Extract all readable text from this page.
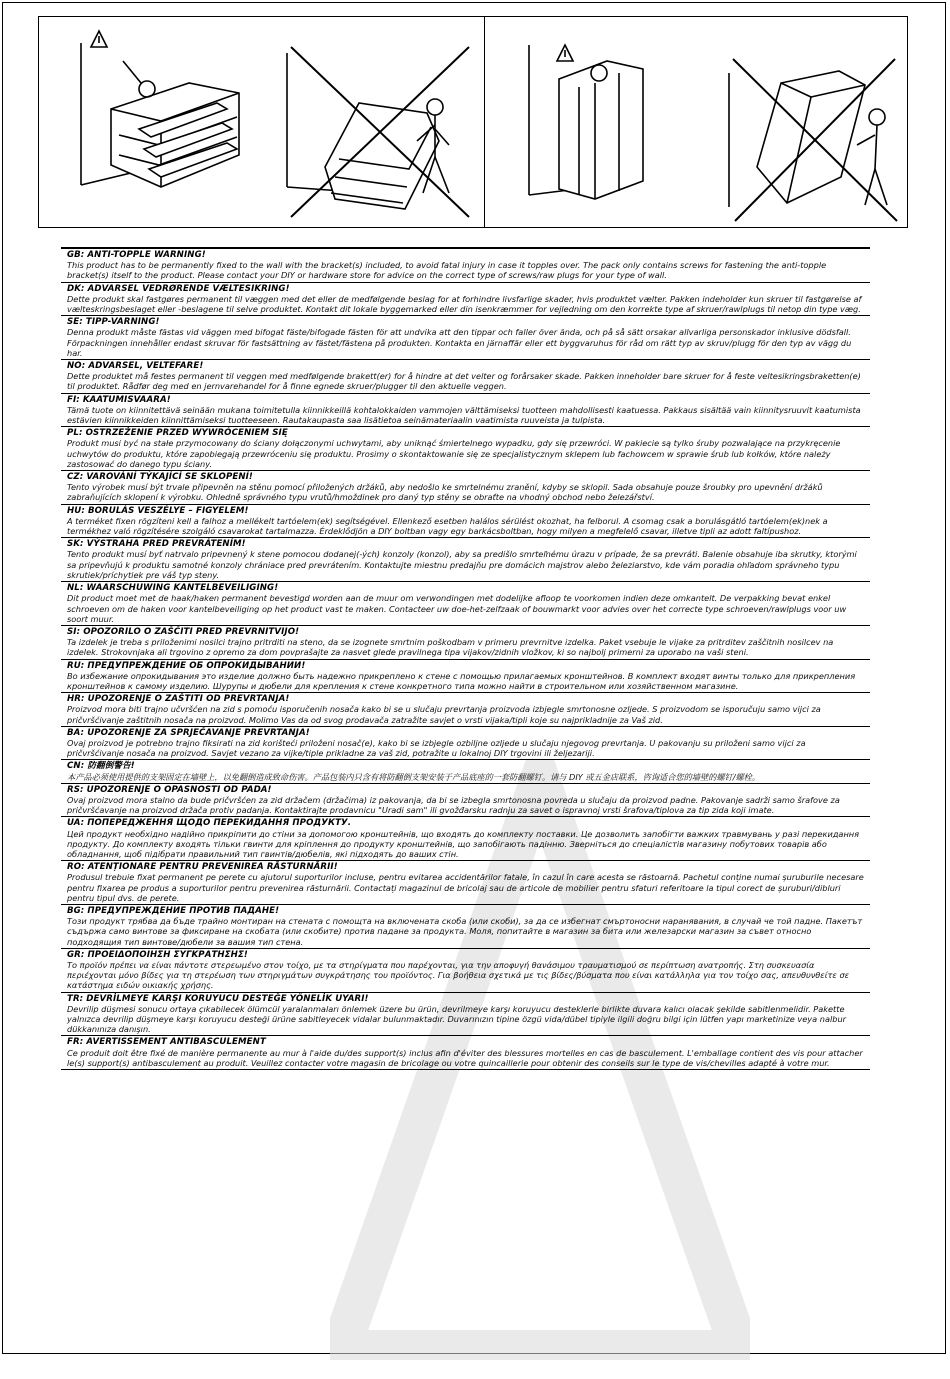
GB: ANTI-TOPPLE WARNING!
This product has to be permanently fixed to the wall with the bracket(s) included, to avoid fatal injury in case it topples over. The pack only contains screws for fastening the anti-topple bracket(s) itself to the product. Please contact your DIY or hardware store for advice on the correct type of screws/raw plugs for your type of wall.
DK: ADVARSEL VEDRØRENDE VÆLTESIKRING!
Dette produkt skal fastgøres permanent til væggen med det eller de medfølgende beslag for at forhindre livsfarlige skader, hvis produktet vælter. Pakken indeholder kun skruer til fastgørelse af vælteskringsbeslaget eller -beslagene til selve produktet. Kontakt dit lokale byggemarked eller din isenkræmmer for vejledning om den korrekte type af skruer/rawlplugs til netop din type væg.
SE: TIPP-VARNING!
Denna produkt måste fästas vid väggen med bifogat fäste/bifogade fästen för att undvika att den tippar och faller över ända, och på så sätt orsakar allvarliga personskador inklusive dödsfall. Förpackningen innehåller endast skruvar för fastsättning av fästet/fästena på produkten. Kontakta en järnaffär eller ett byggvaruhus för råd om rätt typ av skruv/plugg för den typ av vägg du har.
NO: ADVARSEL, VELTEFARE!
Dette produktet må festes permanent til veggen med medfølgende brakett(er) for å hindre at det velter og forårsaker skade. Pakken inneholder bare skruer for å feste veltesikringsbraketten(e) til produktet. Rådfør deg med en jernvarehandel for å finne egnede skruer/plugger til den aktuelle veggen.
FI: KAATUMISVAARA!
Tämä tuote on kiinnitettävä seinään mukana toimitetulla kiinnikkeillä kohtalokkaiden vammojen välttämiseksi tuotteen mahdollisesti kaatuessa. Pakkaus sisältää vain kiinnitysruuvit kaatumista estävien kiinnikkeiden kiinnittämiseksi tuotteeseen. Rautakaupasta saa lisätietoa seinämateriaalin vaatimista ruuveista ja tulpista.
PL: OSTRZEŻENIE PRZED WYWRÓCENIEM SIĘ
Produkt musi być na stałe przymocowany do ściany dołączonymi uchwytami, aby uniknąć śmiertelnego wypadku, gdy się przewróci. W pakiecie są tylko śruby pozwalające na przykręcenie uchwytów do produktu, które zapobiegają przewróceniu się produktu. Prosimy o skontaktowanie się ze specjalistycznym sklepem lub fachowcem w sprawie śrub lub kołków, które należy zastosować do danego typu ściany.
CZ: VAROVÁNÍ TÝKAJÍCÍ SE SKLOPENÍ!
Tento výrobek musí být trvale připevněn na stěnu pomocí přiložených držáků, aby nedošlo ke smrtelnému zranění, kdyby se sklopil. Sada obsahuje pouze šroubky pro upevnění držáků zabraňujících sklopení k výrobku. Ohledně správného typu vrutů/hmoždinek pro daný typ stěny se obraťte na vhodný obchod nebo železářství.
HU: BORULÁS VESZÉLYE – FIGYELEM!
A terméket fixen rögzíteni kell a falhoz a mellékelt tartóelem(ek) segítségével. Ellenkező esetben halálos sérülést okozhat, ha felborul. A csomag csak a borulásgátló tartóelem(ek)nek a termékhez való rögzítésére szolgáló csavarokat tartalmazza. Érdeklődjön a DIY boltban vagy egy barkácsboltban, hogy milyen a megfelelő csavar, illetve tipli az adott faltípushoz.
SK: VÝSTRAHA PRED PREVRÁTENÍM!
Tento produkt musí byť natrvalo pripevnený k stene pomocou dodanej(-ých) konzoly (konzol), aby sa predišlo smrteľnému úrazu v prípade, že sa prevráti. Balenie obsahuje iba skrutky, ktorými sa pripevňujú k produktu samotné konzoly chrániace pred prevrátením. Kontaktujte miestnu predajňu pre domácich majstrov alebo železiarstvo, kde vám poradia ohľadom správneho typu skrutiek/príchytiek pre váš typ steny.
NL: WAARSCHUWING KANTELBEVEILIGING!
Dit product moet met de haak/haken permanent bevestigd worden aan de muur om verwondingen met dodelijke afloop te voorkomen indien deze omkantelt. De verpakking bevat enkel schroeven om de haken voor kantelbeveiliging op het product vast te maken. Contacteer uw doe-het-zelfzaak of bouwmarkt voor advies over het correcte type schroeven/rawlplugs voor uw soort muur.
SI: OPOZORILO O ZAŠČITI PRED PREVRNITVIJO!
Ta izdelek je treba s priloženimi nosilci trajno pritrditi na steno, da se izognete smrtnim poškodbam v primeru prevrnitve izdelka. Paket vsebuje le vijake za pritrditev zaščitnih nosilcev na izdelek. Strokovnjaka ali trgovino z opremo za dom povprašajte za nasvet glede pravilnega tipa vijakov/zidnih vložkov, ki so najbolj primerni za uporabo na vaši steni.
RU: ПРЕДУПРЕЖДЕНИЕ ОБ ОПРОКИДЫВАНИИ!
Во избежание опрокидывания это изделие должно быть надежно прикреплено к стене с помощью прилагаемых кронштейнов. В комплект входят винты только для прикрепления кронштейнов к самому изделию. Шурупы и дюбели для крепления к стене конкретного типа можно найти в строительном или хозяйственном магазине.
HR: UPOZORENJE O ZAŠTITI OD PREVRTANJA!
Proizvod mora biti trajno učvršćen na zid s pomoću isporučenih nosača kako bi se u slučaju prevrtanja proizvoda izbjegle smrtonosne ozljede. S proizvodom se isporučuju samo vijci za pričvršćivanje zaštitnih nosača na proizvod. Molimo Vas da od svog prodavača zatražite savjet o vrsti vijaka/tipli koje su najprikladnije za Vaš zid.
BA: UPOZORENJE ZA SPRJEČAVANJE PREVRTANJA!
Ovaj proizvod je potrebno trajno fiksirati na zid korišteći priloženi nosač(e), kako bi se izbjegle ozbiljne ozljede u slučaju njegovog prevrtanja. U pakovanju su priloženi samo vijci za pričvršćivanje nosača na proizvod. Savjet vezano za vijke/tiple prikladne za vaš zid, potražite u lokalnoj DIY trgovini ili željezariji.
CN: 防翻倒警告!
本产品必须使用提供的支架固定在墙壁上，以免翻倒造成致命伤害。产品包装内只含有将防翻倒支架安装于产品底座的一套防翻螺钉。请与 DIY 或五金店联系，咨询适合您的墙壁的螺钉/螺栓。
RS: UPOZORENJE O OPASNOSTI OD PADA!
Ovaj proizvod mora stalno da bude pričvršćen za zid držačem (držačima) iz pakovanja, da bi se izbegla smrtonosna povreda u slučaju da proizvod padne. Pakovanje sadrži samo šrafove za pričvršćavanje na proizvod držača protiv padanja. Kontaktirajte prodavnicu "Uradi sam" ili gvožđarsku radnju za savet o ispravnoj vrsti šrafova/tiplova za tip zida koji imate.
UA: ПОПЕРЕДЖЕННЯ ЩОДО ПЕРЕКИДАННЯ ПРОДУКТУ.
Цей продукт необхідно надійно прикріпити до стіни за допомогою кронштейнів, що входять до комплекту поставки. Це дозволить запобігти важких травмувань у разі перекидання продукту. До комплекту входять тільки гвинти для кріплення до продукту кронштейнів, що запобігають падінню. Зверніться до спеціалістів магазину побутових товарів або обладнання, щоб підібрати правильний тип гвинтів/дюбелів, які підходять до ваших стін.
RO: ATENȚIONARE PENTRU PREVENIREA RĂSTURNĂRII!
Produsul trebuie fixat permanent pe perete cu ajutorul suporturilor incluse, pentru evitarea accidentărilor fatale, în cazul în care acesta se răstoarnă. Pachetul conține numai șuruburile necesare pentru fixarea pe produs a suporturilor pentru prevenirea răsturnării. Contactați magazinul de bricolaj sau de articole de mobilier pentru sfaturi referitoare la tipul corect de șuruburi/dibluri pentru tipul dvs. de perete.
BG: ПРЕДУПРЕЖДЕНИЕ ПРОТИВ ПАДАНЕ!
Този продукт трябва да бъде трайно монтиран на стената с помощта на включената скоба (или скоби), за да се избегнат смъртоносни наранявания, в случай че той падне. Пакетът съдържа само винтове за фиксиране на скобата (или скобите) против падане за продукта. Моля, попитайте в магазин за бита или железарски магазин за съвет относно подходящия тип винтове/дюбели за вашия тип стена.
GR: ΠΡΟΕΙΔΟΠΟΙΗΣΗ ΣΥΓΚΡΑΤΗΣΗΣ!
Το προϊόν πρέπει να είναι πάντοτε στερεωμένο στον τοίχο, με τα στηρίγματα που παρέχονται, για την αποφυγή θανάσιμου τραυματισμού σε περίπτωση ανατροπής. Στη συσκευασία περιέχονται μόνο βίδες για τη στερέωση των στηριγμάτων συγκράτησης του προϊόντος. Για βοήθεια σχετικά με τις βίδες/βύσματα που είναι κατάλληλα για τον τοίχο σας, απευθυνθείτε σε κατάστημα ειδών οικιακής χρήσης.
TR: DEVRİLMEYE KARŞI KORUYUCU DESTEĞE YÖNELİK UYARI!
Devrilip düşmesi sonucu ortaya çıkabilecek ölümcül yaralanmaları önlemek üzere bu ürün, devrilmeye karşı koruyucu desteklerle birlikte duvara kalıcı olacak şekilde sabitlenmelidir. Pakette yalnızca devrilip düşmeye karşı koruyucu desteği ürüne sabitleyecek vidalar bulunmaktadır. Duvarınızın tipine özgü vida/dübel tipiyle ilgili doğru bilgi için lütfen yapı marketinize veya nalbur dükkanınıza danışın.
FR: AVERTISSEMENT ANTIBASCULEMENT
Ce produit doit être fixé de manière permanente au mur à l'aide du/des support(s) inclus afin d'éviter des blessures mortelles en cas de basculement. L'emballage contient des vis pour attacher le(s) support(s) antibasculement au produit. Veuillez contacter votre magasin de bricolage ou votre quincaillerie pour obtenir des conseils sur le type de vis/chevilles adapté à votre mur.
